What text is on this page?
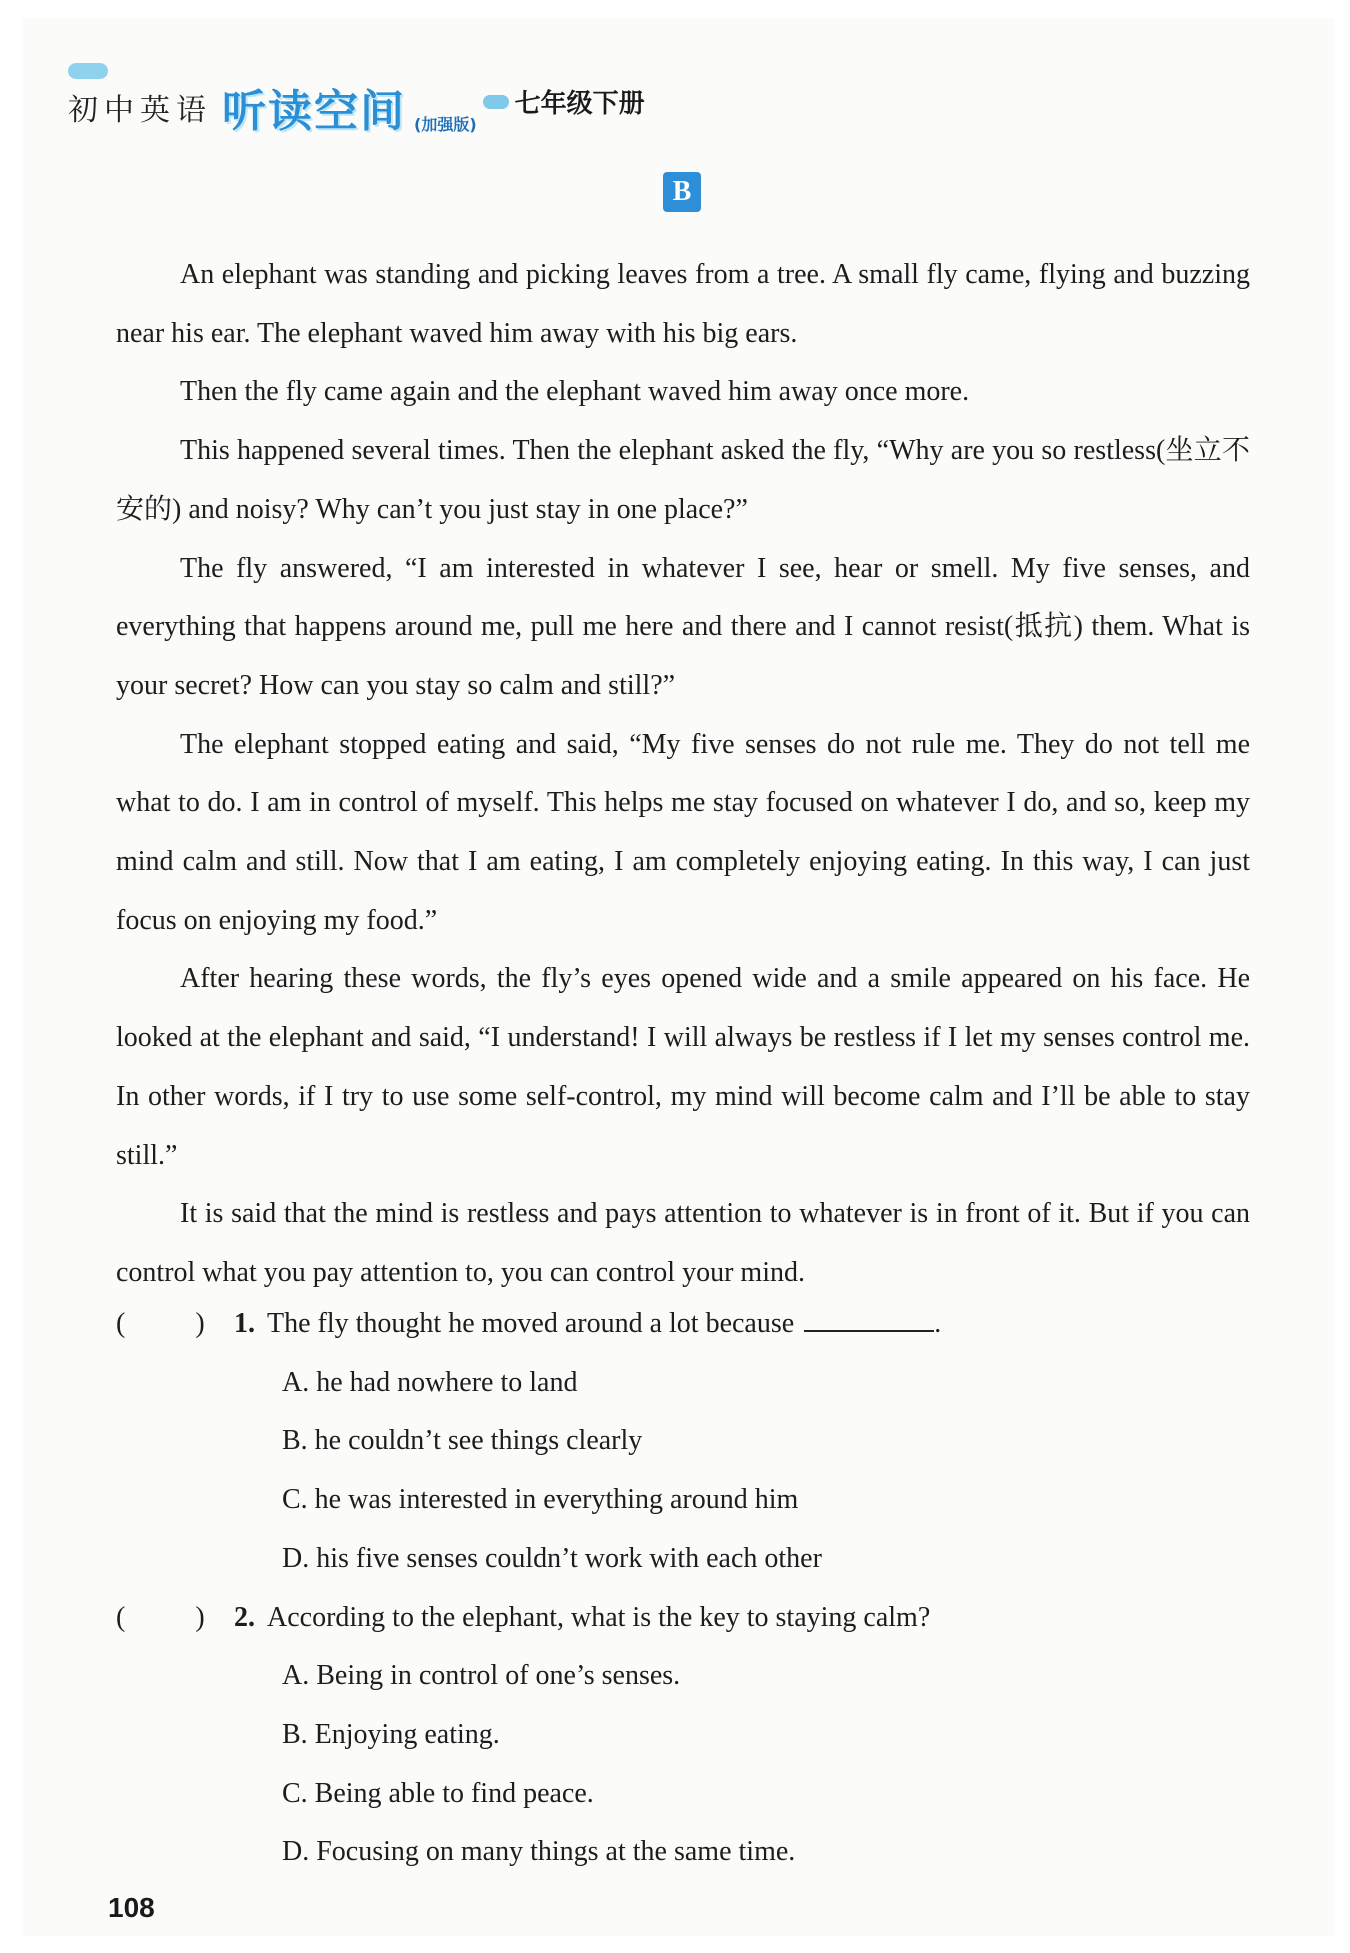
初中英语 听读空间 (加强版)
七年级下册
B

An elephant was standing and picking leaves from a tree. A small fly came, flying and buzzing near his ear. The elephant waved him away with his big ears.

Then the fly came again and the elephant waved him away once more.

This happened several times. Then the elephant asked the fly, “Why are you so restless(坐立不安的) and noisy? Why can’t you just stay in one place?”

The fly answered, “I am interested in whatever I see, hear or smell. My five senses, and everything that happens around me, pull me here and there and I cannot resist(抵抗) them. What is your secret? How can you stay so calm and still?”

The elephant stopped eating and said, “My five senses do not rule me. They do not tell me what to do. I am in control of myself. This helps me stay focused on whatever I do, and so, keep my mind calm and still. Now that I am eating, I am completely enjoying eating. In this way, I can just focus on enjoying my food.”

After hearing these words, the fly’s eyes opened wide and a smile appeared on his face. He looked at the elephant and said, “I understand! I will always be restless if I let my senses control me. In other words, if I try to use some self-control, my mind will become calm and I’ll be able to stay still.”

It is said that the mind is restless and pays attention to whatever is in front of it. But if you can control what you pay attention to, you can control your mind.

(	)	1. The fly thought he moved around a lot because	.
A. he had nowhere to land
B. he couldn’t see things clearly
C. he was interested in everything around him
D. his five senses couldn’t work with each other
(	)	2. According to the elephant, what is the key to staying calm?
A. Being in control of one’s senses.
B. Enjoying eating.
C. Being able to find peace.
D. Focusing on many things at the same time.
108
